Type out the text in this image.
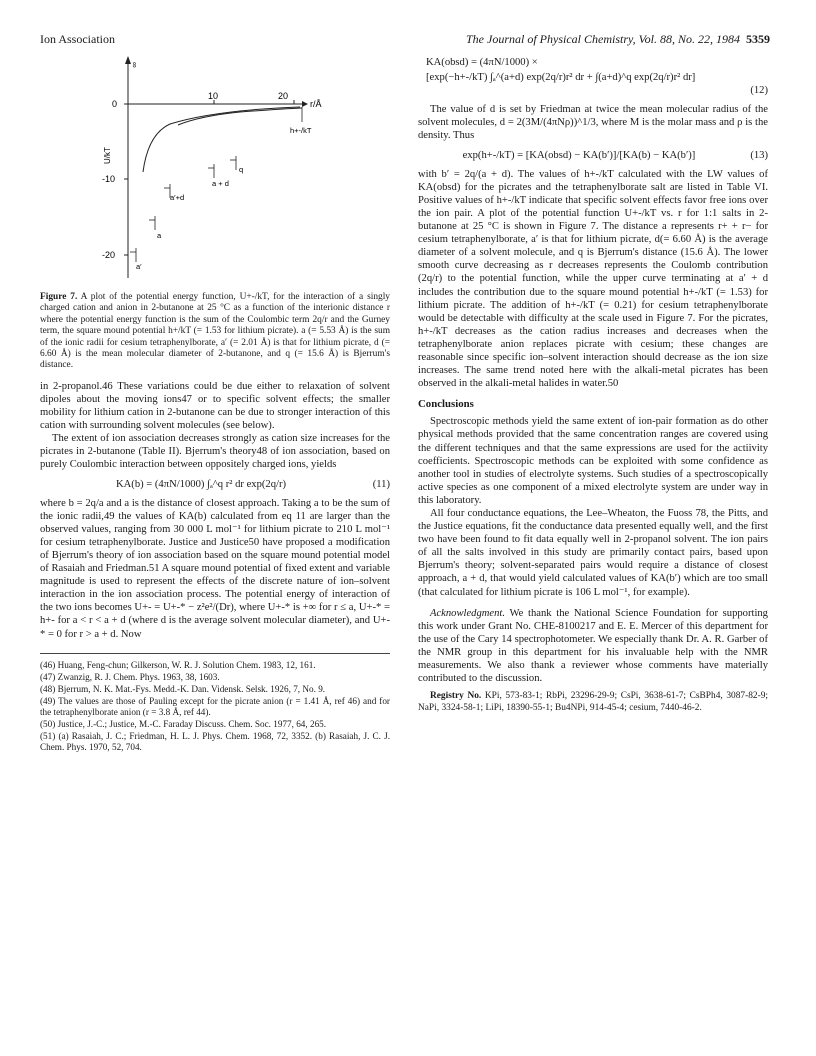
Ion Association	The Journal of Physical Chemistry, Vol. 88, No. 22, 1984 5359
10	20
r/Å
0
-10
-20
U/kT
∞
h+-/kT
q
a + d
a′+d
a
a′
Figure 7. A plot of the potential energy function, U+-/kT, for the interaction of a singly charged cation and anion in 2-butanone at 25 °C as a function of the interionic distance r where the potential energy function is the sum of the Coulombic term 2q/r and the Gurney term, the square mound potential h+/kT (= 1.53 for lithium picrate). a (= 5.53 Å) is the sum of the ionic radii for cesium tetraphenylborate, a′ (= 2.01 Å) is that for lithium picrate, d (= 6.60 Å) is the mean molecular diameter of 2-butanone, and q (= 15.6 Å) is Bjerrum's distance.

in 2-propanol.46 These variations could be due either to relaxation of solvent dipoles about the moving ions47 or to specific solvent effects; the smaller mobility for lithium cation in 2-butanone can be due to stronger interaction of this cation with surrounding solvent molecules (see below).

The extent of ion association decreases strongly as cation size increases for the picrates in 2-butanone (Table II). Bjerrum's theory48 of ion association, based on purely Coulombic interaction between oppositely charged ions, yields

KA(b) = (4πN/1000) ∫ₐ^q r² dr exp(2q/r)	(11)

where b = 2q/a and a is the distance of closest approach. Taking a to be the sum of the ionic radii,49 the values of KA(b) calculated from eq 11 are larger than the observed values, ranging from 30 000 L mol⁻¹ for lithium picrate to 210 L mol⁻¹ for cesium tetraphenylborate. Justice and Justice50 have proposed a modification of Bjerrum's theory of ion association based on the square mound potential model of Rasaiah and Friedman.51 A square mound potential of fixed extent and variable magnitude is used to represent the effects of the discrete nature of ion–solvent interaction in the ion association process. The potential energy of interaction of the two ions becomes U+- = U+-* − z²e²/(Dr), where U+-* is +∞ for r ≤ a, U+-* = h+- for a < r < a + d (where d is the average solvent molecular diameter), and U+-* = 0 for r > a + d. Now

(46) Huang, Feng-chun; Gilkerson, W. R. J. Solution Chem. 1983, 12, 161.
(47) Zwanzig, R. J. Chem. Phys. 1963, 38, 1603.
(48) Bjerrum, N. K. Mat.-Fys. Medd.-K. Dan. Vidensk. Selsk. 1926, 7, No. 9.
(49) The values are those of Pauling except for the picrate anion (r = 1.41 Å, ref 46) and for the tetraphenylborate anion (r = 3.8 Å, ref 44).
(50) Justice, J.-C.; Justice, M.-C. Faraday Discuss. Chem. Soc. 1977, 64, 265.
(51) (a) Rasaiah, J. C.; Friedman, H. L. J. Phys. Chem. 1968, 72, 3352. (b) Rasaiah, J. C. J. Chem. Phys. 1970, 52, 704.
KA(obsd) = (4πN/1000) ×
[exp(−h+-/kT) ∫ₐ^(a+d) exp(2q/r)r² dr + ∫(a+d)^q exp(2q/r)r² dr]
(12)

The value of d is set by Friedman at twice the mean molecular radius of the solvent molecules, d = 2(3M/(4πNρ))^1/3, where M is the molar mass and ρ is the density. Thus

exp(h+-/kT) = [KA(obsd) − KA(b′)]/[KA(b) − KA(b′)]	(13)

with b′ = 2q/(a + d). The values of h+-/kT calculated with the LW values of KA(obsd) for the picrates and the tetraphenylborate salt are listed in Table VI. Positive values of h+-/kT indicate that specific solvent effects favor free ions over the ion pair. A plot of the potential function U+-/kT vs. r for 1:1 salts in 2-butanone at 25 °C is shown in Figure 7. The distance a represents r+ + r− for cesium tetraphenylborate, a′ is that for lithium picrate, d(= 6.60 Å) is the average diameter of a solvent molecule, and q is Bjerrum's distance (15.6 Å). The lower smooth curve decreasing as r decreases represents the Coulomb contribution (2q/r) to the potential function, while the upper curve terminating at a′ + d includes the contribution due to the square mound potential h+-/kT (= 1.53) for lithium picrate. The addition of h+-/kT (= 0.21) for cesium tetraphenylborate would be detectable with difficulty at the scale used in Figure 7. For the picrates, h+-/kT decreases as the cation radius increases and decreases when the tetraphenylborate anion replaces picrate with cesium; these changes are reasonable since specific ion–solvent interaction should decrease as the ion size increases. The same trend noted here with the alkali-metal picrates has been observed in the alkali-metal halides in water.50

Conclusions

Spectroscopic methods yield the same extent of ion-pair formation as do other physical methods provided that the same concentration ranges are covered using the different techniques and that the same expressions are used for the actiivity coefficients. Spectroscopic methods can be exploited with some confidence as another tool in studies of electrolyte systems. Such studies of a spectroscopically active species as one component of a mixed electrolyte system are under way in this laboratory.

All four conductance equations, the Lee–Wheaton, the Fuoss 78, the Pitts, and the Justice equations, fit the conductance data presented equally well, and the first two have been found to fit data equally well in 2-propanol solvent. The ion pairs of all the salts involved in this study are primarily contact pairs, based upon Bjerrum's theory; solvent-separated pairs would require a distance of closest approach, a + d, that would yield calculated values of KA(b′) which are too small (that calculated for lithium picrate is 106 L mol⁻¹, for example).

Acknowledgment. We thank the National Science Foundation for supporting this work under Grant No. CHE-8100217 and E. E. Mercer of this department for the use of the Cary 14 spectrophotometer. We especially thank Dr. A. R. Garber of the NMR group in this department for his invaluable help with the NMR measurements. We also thank a reviewer whose comments have materially contributed to the discussion.

Registry No. KPi, 573-83-1; RbPi, 23296-29-9; CsPi, 3638-61-7; CsBPh4, 3087-82-9; NaPi, 3324-58-1; LiPi, 18390-55-1; Bu4NPi, 914-45-4; cesium, 7440-46-2.
